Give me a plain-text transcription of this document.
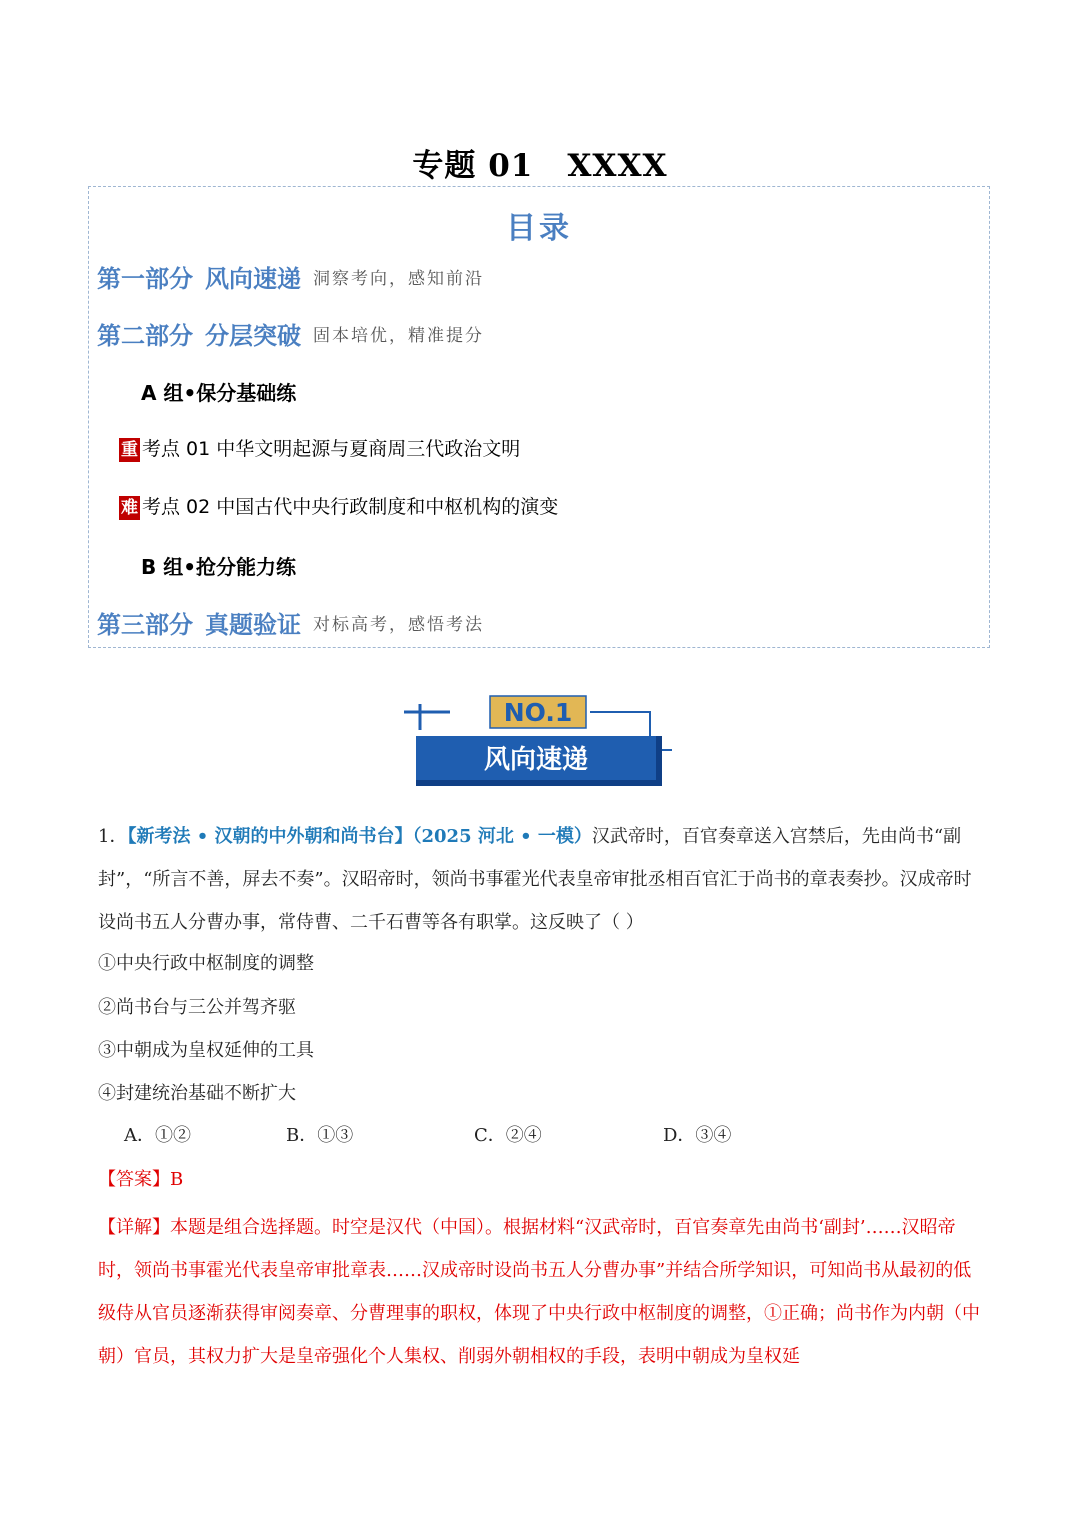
专题 01 XXXX
目录
第一部分 风向速递 洞察考向，感知前沿
第二部分 分层突破 固本培优，精准提分
A 组•保分基础练
重 考点 01 中华文明起源与夏商周三代政治文明
难 考点 02 中国古代中央行政制度和中枢机构的演变
B 组•抢分能力练
第三部分 真题验证 对标高考，感悟考法
NO.1
风向速递
1．【新考法 • 汉朝的中外朝和尚书台】（2025 河北 • 一模）汉武帝时，百官奏章送入宫禁后，先由尚书“副封”，“所言不善，屏去不奏”。汉昭帝时，领尚书事霍光代表皇帝审批丞相百官汇于尚书的章表奏抄。汉成帝时设尚书五人分曹办事，常侍曹、二千石曹等各有职掌。这反映了（ ）
①中央行政中枢制度的调整
②尚书台与三公并驾齐驱
③中朝成为皇权延伸的工具
④封建统治基础不断扩大
A．①②	B．①③	C．②④	D．③④
【答案】B
【详解】本题是组合选择题。时空是汉代（中国）。根据材料“汉武帝时，百官奏章先由尚书‘副封’……汉昭帝时，领尚书事霍光代表皇帝审批章表……汉成帝时设尚书五人分曹办事”并结合所学知识，可知尚书从最初的低级侍从官员逐渐获得审阅奏章、分曹理事的职权，体现了中央行政中枢制度的调整，①正确；尚书作为内朝（中朝）官员，其权力扩大是皇帝强化个人集权、削弱外朝相权的手段，表明中朝成为皇权延
